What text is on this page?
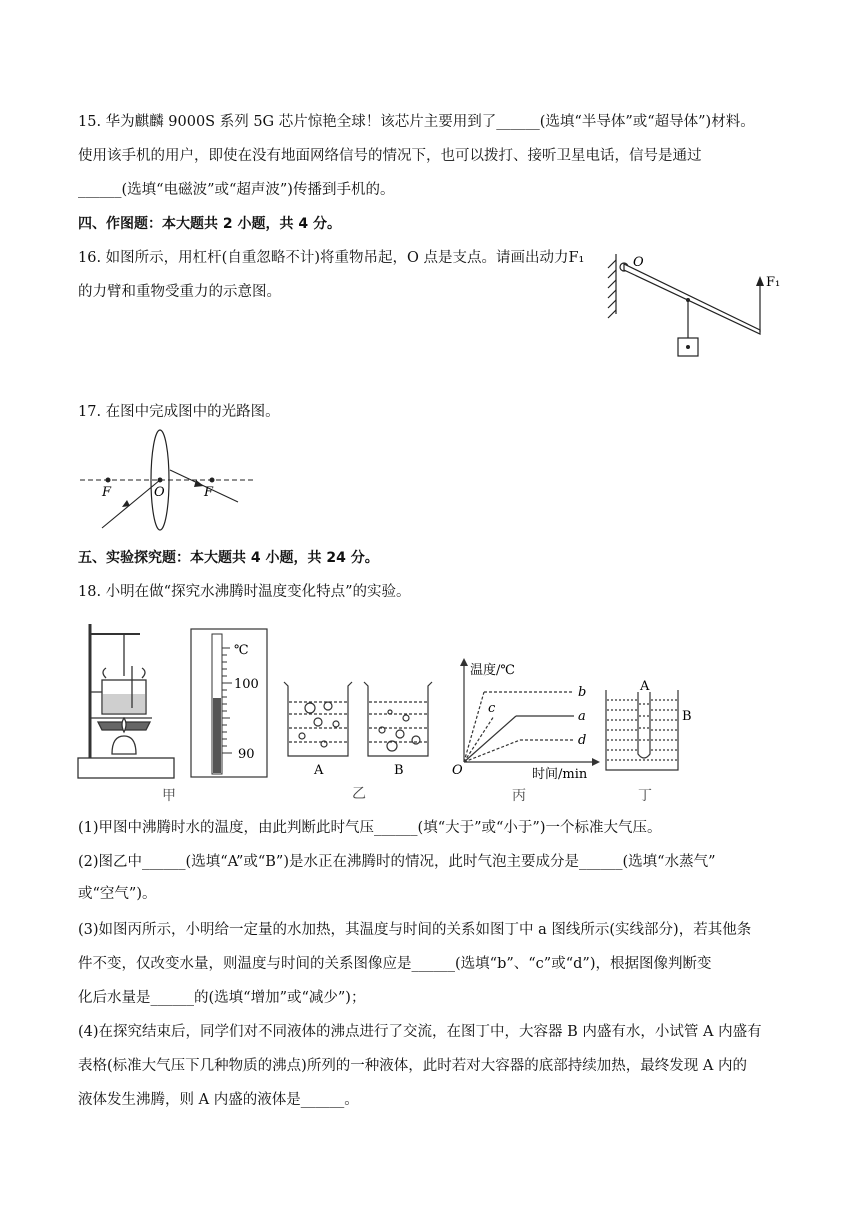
15. 华为麒麟 9000S 系列 5G 芯片惊艳全球！该芯片主要用到了______(选填“半导体”或“超导体”)材料。
使用该手机的用户，即使在没有地面网络信号的情况下，也可以拨打、接听卫星电话，信号是通过
______(选填“电磁波”或“超声波”)传播到手机的。
四、作图题：本大题共 2 小题，共 4 分。
16. 如图所示，用杠杆(自重忽略不计)将重物吊起，O 点是支点。请画出动力F₁
的力臂和重物受重力的示意图。
O
F₁
17. 在图中完成图中的光路图。
F	O	F
五、实验探究题：本大题共 4 小题，共 24 分。
18. 小明在做“探究水沸腾时温度变化特点”的实验。
甲
℃
100
90
A	B
乙
温度/℃
O	时间/min
b
c
a
d
丙
A
B
丁
(1)甲图中沸腾时水的温度，由此判断此时气压______(填“大于”或“小于”)一个标准大气压。
(2)图乙中______(选填“A”或“B”)是水正在沸腾时的情况，此时气泡主要成分是______(选填“水蒸气”
或“空气”)。
(3)如图丙所示，小明给一定量的水加热，其温度与时间的关系如图丁中 a 图线所示(实线部分)，若其他条
件不变，仅改变水量，则温度与时间的关系图像应是______(选填“b”、“c”或“d”)，根据图像判断变
化后水量是______的(选填“增加”或“减少”)；
(4)在探究结束后，同学们对不同液体的沸点进行了交流，在图丁中，大容器 B 内盛有水，小试管 A 内盛有
表格(标准大气压下几种物质的沸点)所列的一种液体，此时若对大容器的底部持续加热，最终发现 A 内的
液体发生沸腾，则 A 内盛的液体是______。
